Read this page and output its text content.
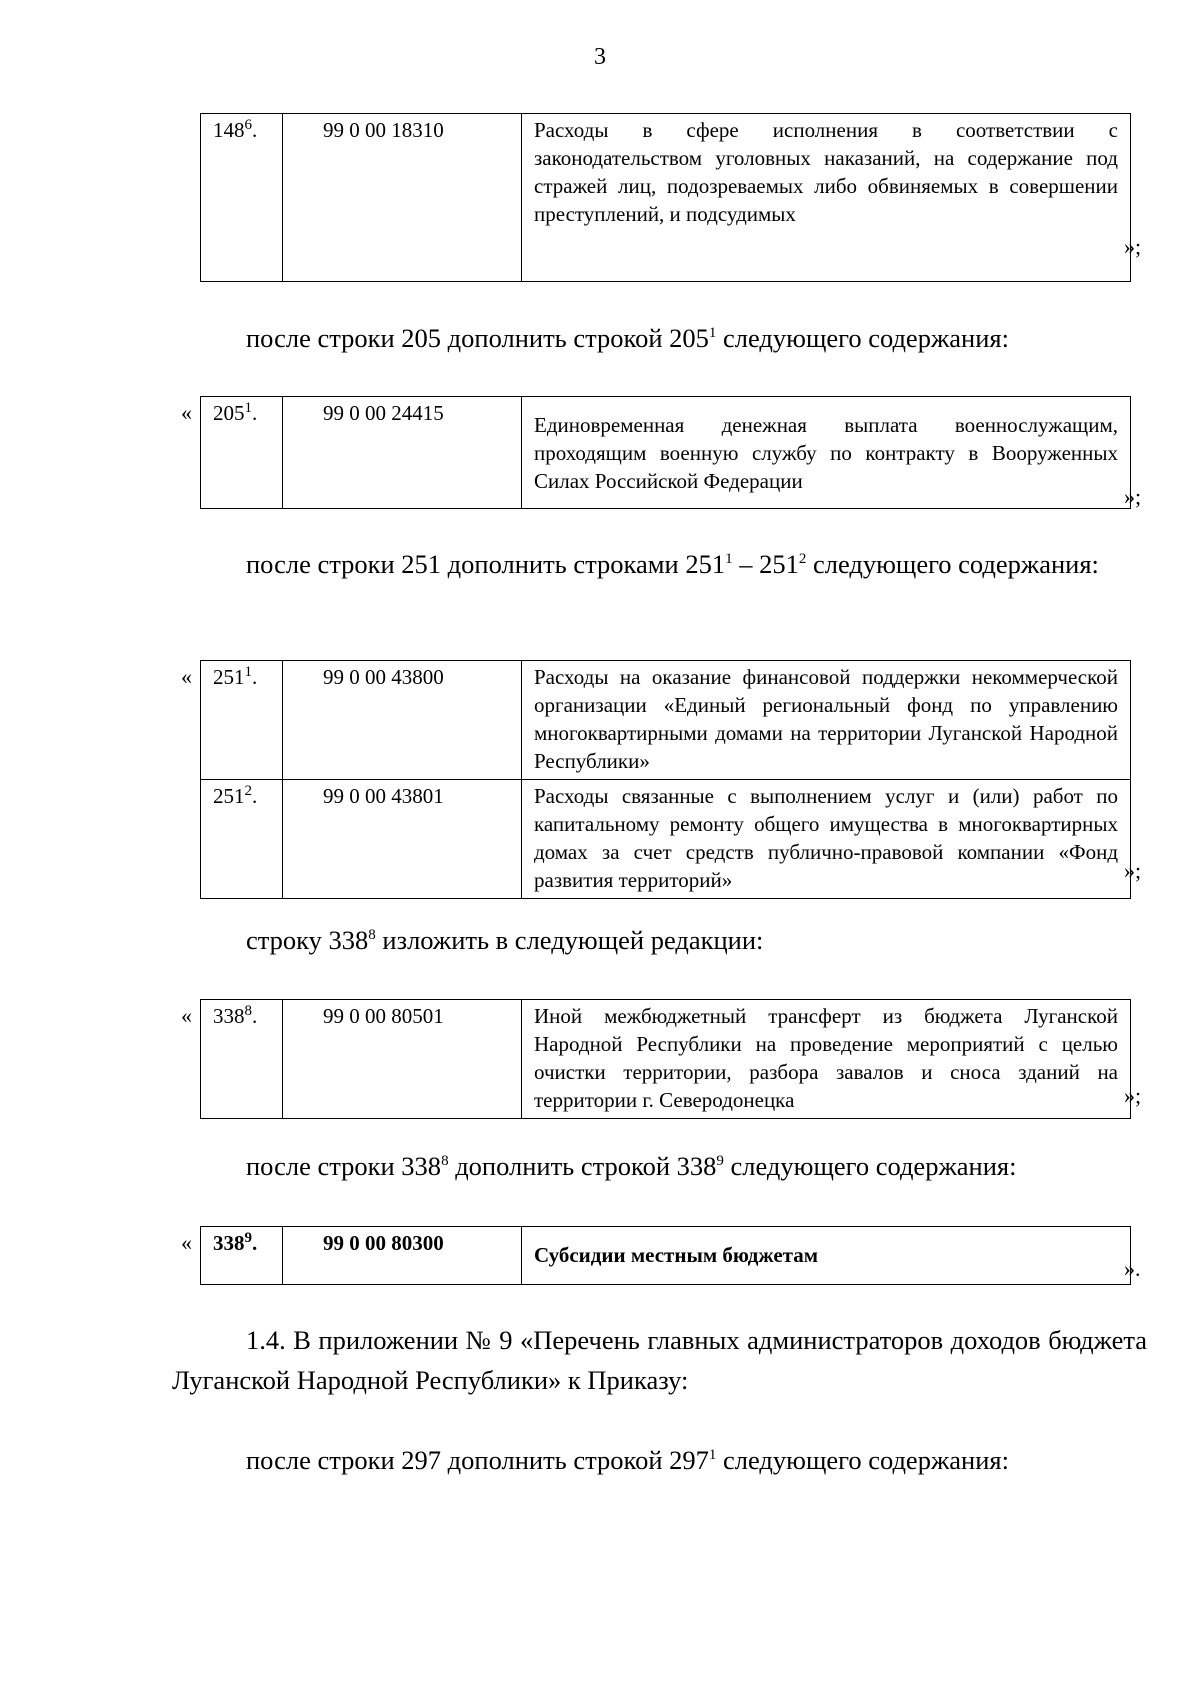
3
$148^6$.	99 0 00 18310	Расходы в сфере исполнения в соответствии с законодательством уголовных наказаний, на содержание под стражей лиц, подозреваемых либо обвиняемых в совершении преступлений, и подсудимых
»;
после строки 205 дополнить строкой $205^1$ следующего содержания:
« $205^1$.	99 0 00 24415	Единовременная денежная выплата военнослужащим, проходящим военную службу по контракту в Вооруженных Силах Российской Федерации
»;
после строки 251 дополнить строками $251^1 - 251^2$ следующего содержания:
« $251^1$.	99 0 00 43800	Расходы на оказание финансовой поддержки некоммерческой организации «Единый региональный фонд по управлению многоквартирными домами на территории Луганской Народной Республики»
$251^2$.	99 0 00 43801	Расходы связанные с выполнением услуг и (или) работ по капитальному ремонту общего имущества в многоквартирных домах за счет средств публично-правовой компании «Фонд развития территорий»	»;
строку $338^8$ изложить в следующей редакции:
« $338^8$.	99 0 00 80501	Иной межбюджетный трансферт из бюджета Луганской Народной Республики на проведение мероприятий с целью очистки территории, разбора завалов и сноса зданий на территории г. Северодонецка	»;
после строки $338^8$ дополнить строкой $338^9$ следующего содержания:
« $338^9$.	99 0 00 80300	Субсидии местным бюджетам
».
1.4. В приложении № 9 «Перечень главных администраторов доходов бюджета Луганской Народной Республики» к Приказу:
после строки 297 дополнить строкой $297^1$ следующего содержания:
